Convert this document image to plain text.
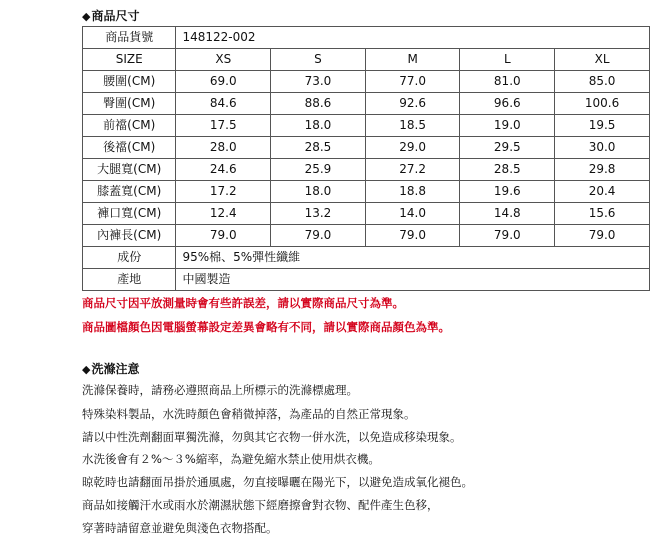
◆商品尺寸
商品貨號	148122-002				
SIZE	XS	S	M	L	XL
腰圍(CM)	69.0	73.0	77.0	81.0	85.0
臀圍(CM)	84.6	88.6	92.6	96.6	100.6
前襠(CM)	17.5	18.0	18.5	19.0	19.5
後襠(CM)	28.0	28.5	29.0	29.5	30.0
大腿寬(CM)	24.6	25.9	27.2	28.5	29.8
膝蓋寬(CM)	17.2	18.0	18.8	19.6	20.4
褲口寬(CM)	12.4	13.2	14.0	14.8	15.6
內褲長(CM)	79.0	79.0	79.0	79.0	79.0
成份	95%棉、5%彈性纖維				
產地	中國製造				
商品尺寸因平放測量時會有些許誤差，請以實際商品尺寸為準。
商品圖檔顏色因電腦螢幕設定差異會略有不同，請以實際商品顏色為準。
◆洗滌注意
洗滌保養時，請務必遵照商品上所標示的洗滌標處理。
特殊染料製品，水洗時顏色會稍微掉落，為產品的自然正常現象。
請以中性洗劑翻面單獨洗滌，勿與其它衣物一併水洗，以免造成移染現象。
水洗後會有２%～３%縮率，為避免縮水禁止使用烘衣機。
晾乾時也請翻面吊掛於通風處，勿直接曝曬在陽光下，以避免造成氧化褪色。
商品如接觸汗水或雨水於潮濕狀態下經磨擦會對衣物、配件產生色移，
穿著時請留意並避免與淺色衣物搭配。
